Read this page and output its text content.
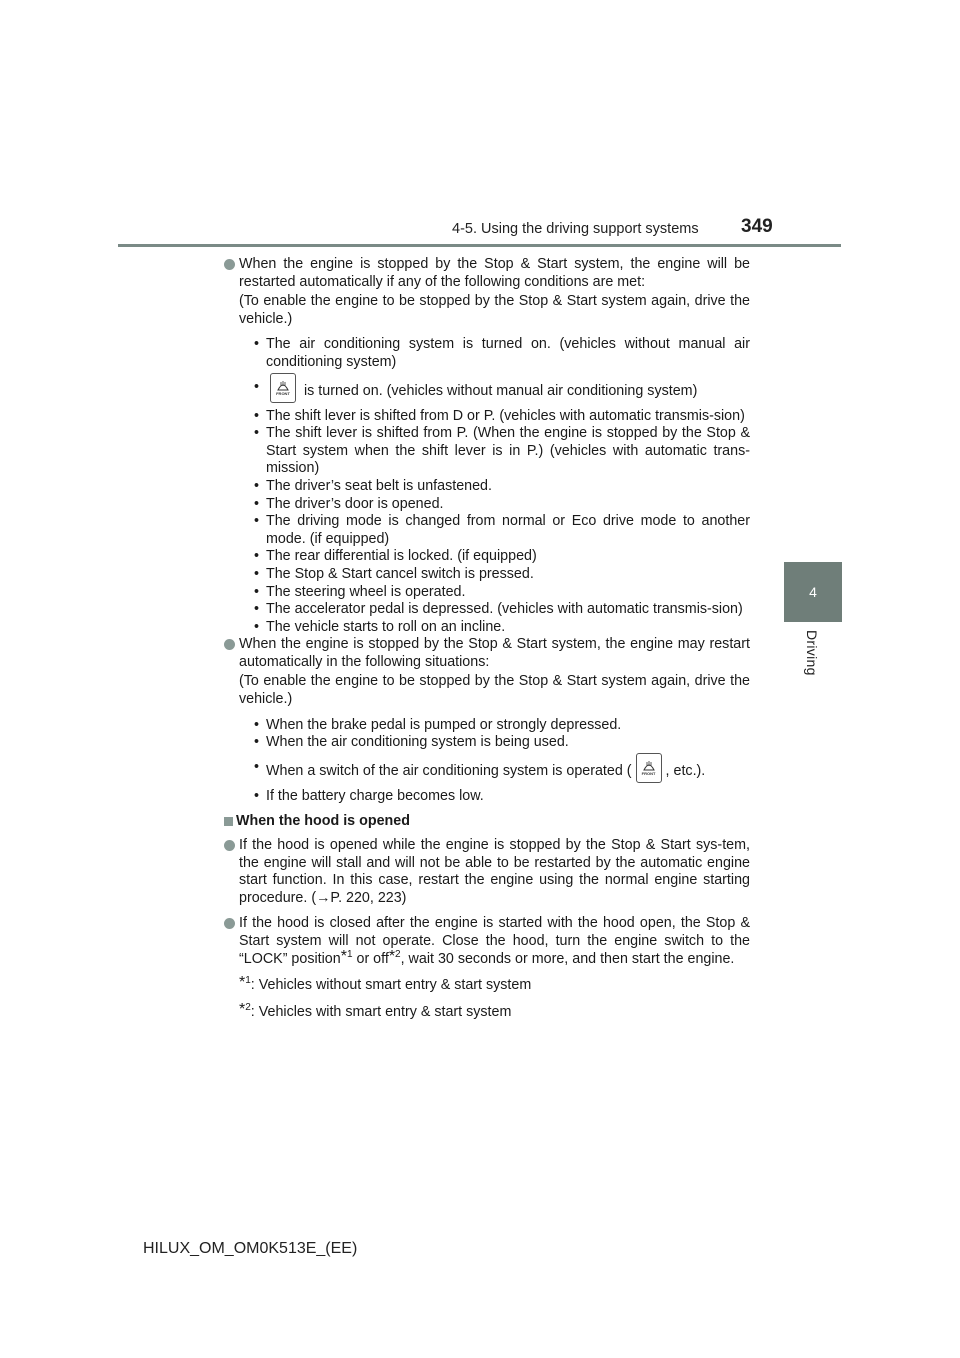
4-5. Using the driving support systems 349
4
Driving
When the engine is stopped by the Stop & Start system, the engine will be restarted automatically if any of the following conditions are met:
(To enable the engine to be stopped by the Stop & Start system again, drive the vehicle.)
• The air conditioning system is turned on. (vehicles without manual air conditioning system)
•	FRONT is turned on. (vehicles without manual air conditioning system)
• The shift lever is shifted from D or P. (vehicles with automatic transmis-sion)
• The shift lever is shifted from P. (When the engine is stopped by the Stop & Start system when the shift lever is in P.) (vehicles with automatic trans-mission)
• The driver’s seat belt is unfastened.
• The driver’s door is opened.
• The driving mode is changed from normal or Eco drive mode to another mode. (if equipped)
• The rear differential is locked. (if equipped)
• The Stop & Start cancel switch is pressed.
• The steering wheel is operated.
• The accelerator pedal is depressed. (vehicles with automatic transmis-sion)
• The vehicle starts to roll on an incline.
When the engine is stopped by the Stop & Start system, the engine may restart automatically in the following situations:
(To enable the engine to be stopped by the Stop & Start system again, drive the vehicle.)
• When the brake pedal is pumped or strongly depressed.
• When the air conditioning system is being used.
• When a switch of the air conditioning system is operated (	FRONT , etc.).
• If the battery charge becomes low.
When the hood is opened
If the hood is opened while the engine is stopped by the Stop & Start sys-tem, the engine will stall and will not be able to be restarted by the automatic engine start function. In this case, restart the engine using the normal engine starting procedure. (→P. 220, 223)
If the hood is closed after the engine is started with the hood open, the Stop & Start system will not operate. Close the hood, turn the engine switch to the “LOCK” position*$^1$ or off*$^2$, wait 30 seconds or more, and then start the engine.
*$^1$: Vehicles without smart entry & start system
*$^2$: Vehicles with smart entry & start system
HILUX_OM_OM0K513E_(EE)
